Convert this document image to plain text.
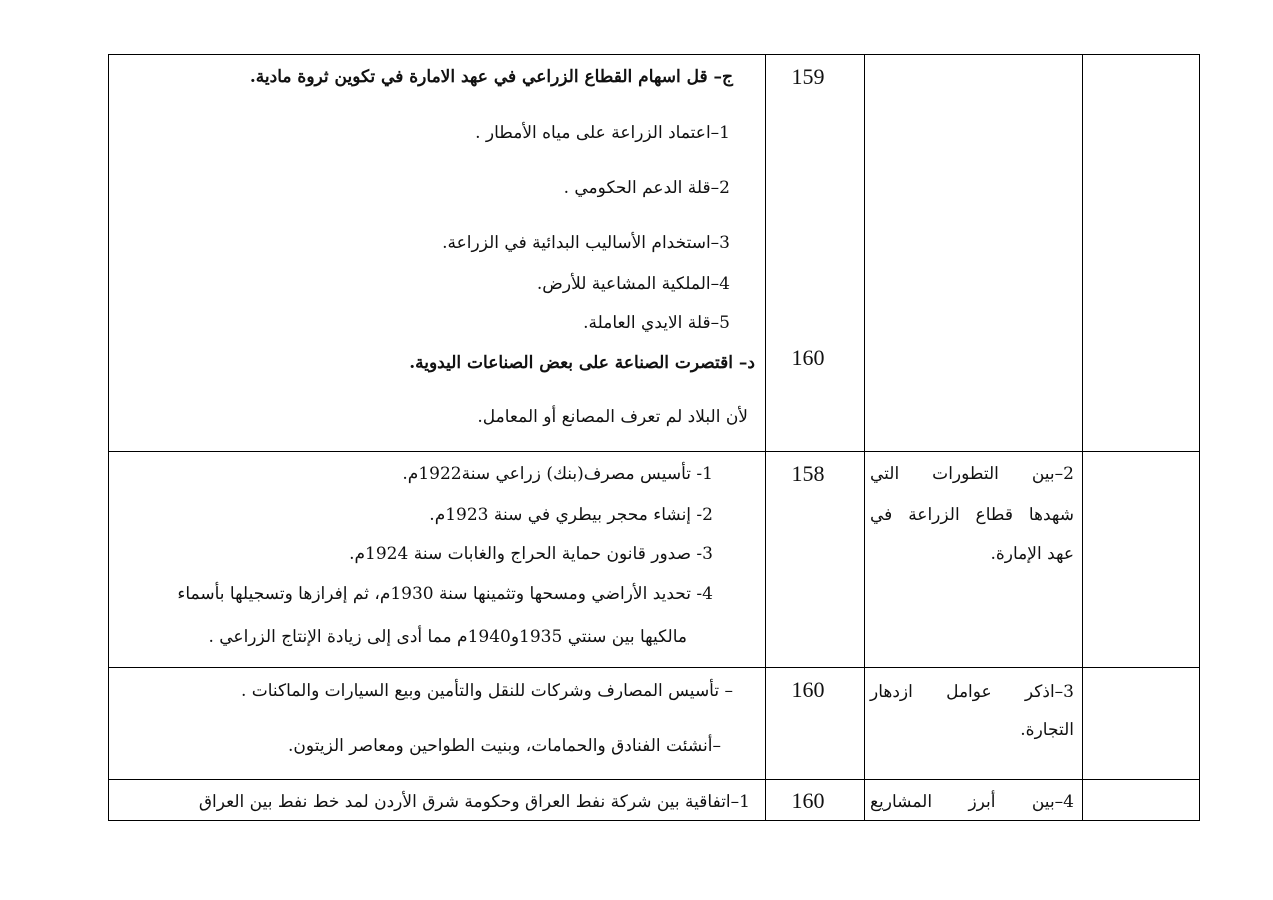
159
160
ج– قل اسهام القطاع الزراعي في عهد الامارة في تكوين ثروة مادية.
1–اعتماد الزراعة على مياه الأمطار .
2–قلة الدعم الحكومي .
3–استخدام الأساليب البدائية في الزراعة.
4–الملكية المشاعية للأرض.
5–قلة الايدي العاملة.
د– اقتصرت الصناعة على بعض الصناعات اليدوية.
لأن البلاد لم تعرف المصانع أو المعامل.
2–بين التطورات التي
شهدها قطاع الزراعة في
عهد الإمارة.
158
1- تأسيس مصرف(بنك) زراعي سنة1922م.
2- إنشاء محجر بيطري في سنة 1923م.
3- صدور قانون حماية الحراج والغابات سنة 1924م.
4- تحديد الأراضي ومسحها وتثمينها سنة 1930م، ثم إفرازها وتسجيلها بأسماء
مالكيها بين سنتي 1935و1940م مما أدى إلى زيادة الإنتاج الزراعي .
3–اذكر عوامل ازدهار
التجارة.
160
– تأسيس المصارف وشركات للنقل والتأمين وبيع السيارات والماكنات .
–أنشئت الفنادق والحمامات، وبنيت الطواحين ومعاصر الزيتون.
4–بين أبرز المشاريع
160
1–اتفاقية بين شركة نفط العراق وحكومة شرق الأردن لمد خط نفط بين العراق
